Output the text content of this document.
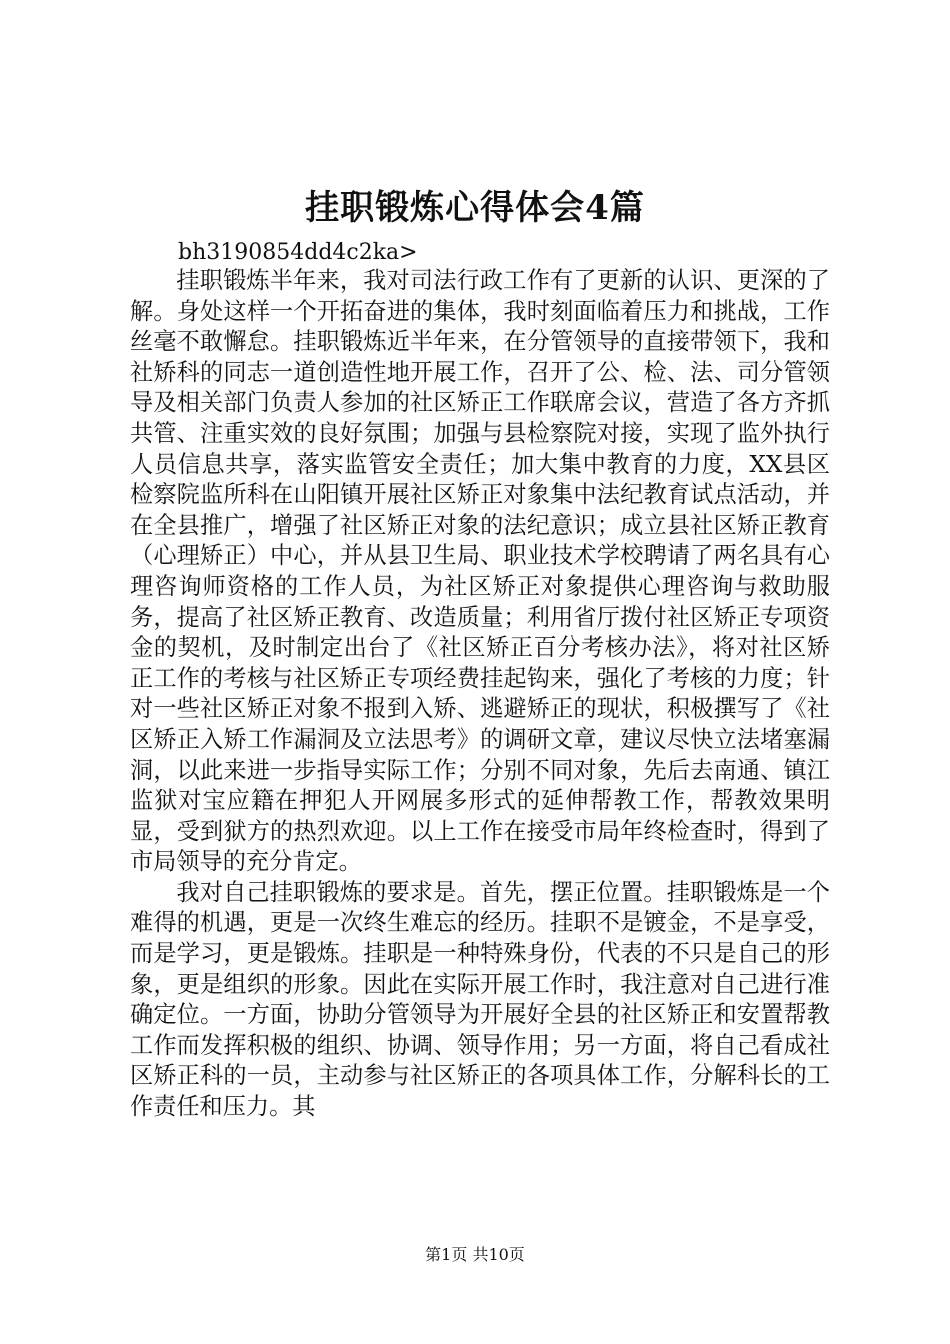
挂职锻炼心得体会4篇
bh3190854dd4c2ka>

挂职锻炼半年来，我对司法行政工作有了更新的认识、更深的了解。身处这样一个开拓奋进的集体，我时刻面临着压力和挑战，工作丝毫不敢懈怠。挂职锻炼近半年来，在分管领导的直接带领下，我和社矫科的同志一道创造性地开展工作，召开了公、检、法、司分管领导及相关部门负责人参加的社区矫正工作联席会议，营造了各方齐抓共管、注重实效的良好氛围；加强与县检察院对接，实现了监外执行人员信息共享，落实监管安全责任；加大集中教育的力度，XX县区检察院监所科在山阳镇开展社区矫正对象集中法纪教育试点活动，并在全县推广，增强了社区矫正对象的法纪意识；成立县社区矫正教育（心理矫正）中心，并从县卫生局、职业技术学校聘请了两名具有心理咨询师资格的工作人员，为社区矫正对象提供心理咨询与救助服务，提高了社区矫正教育、改造质量；利用省厅拨付社区矫正专项资金的契机，及时制定出台了《社区矫正百分考核办法》，将对社区矫正工作的考核与社区矫正专项经费挂起钩来，强化了考核的力度；针对一些社区矫正对象不报到入矫、逃避矫正的现状，积极撰写了《社区矫正入矫工作漏洞及立法思考》的调研文章，建议尽快立法堵塞漏洞，以此来进一步指导实际工作；分别不同对象，先后去南通、镇江监狱对宝应籍在押犯人开网展多形式的延伸帮教工作，帮教效果明显，受到狱方的热烈欢迎。以上工作在接受市局年终检查时，得到了市局领导的充分肯定。

我对自己挂职锻炼的要求是。首先，摆正位置。挂职锻炼是一个难得的机遇，更是一次终生难忘的经历。挂职不是镀金，不是享受，而是学习，更是锻炼。挂职是一种特殊身份，代表的不只是自己的形象，更是组织的形象。因此在实际开展工作时，我注意对自己进行准确定位。一方面，协助分管领导为开展好全县的社区矫正和安置帮教工作而发挥积极的组织、协调、领导作用；另一方面，将自己看成社区矫正科的一员，主动参与社区矫正的各项具体工作，分解科长的工作责任和压力。其

第1页 共10页
